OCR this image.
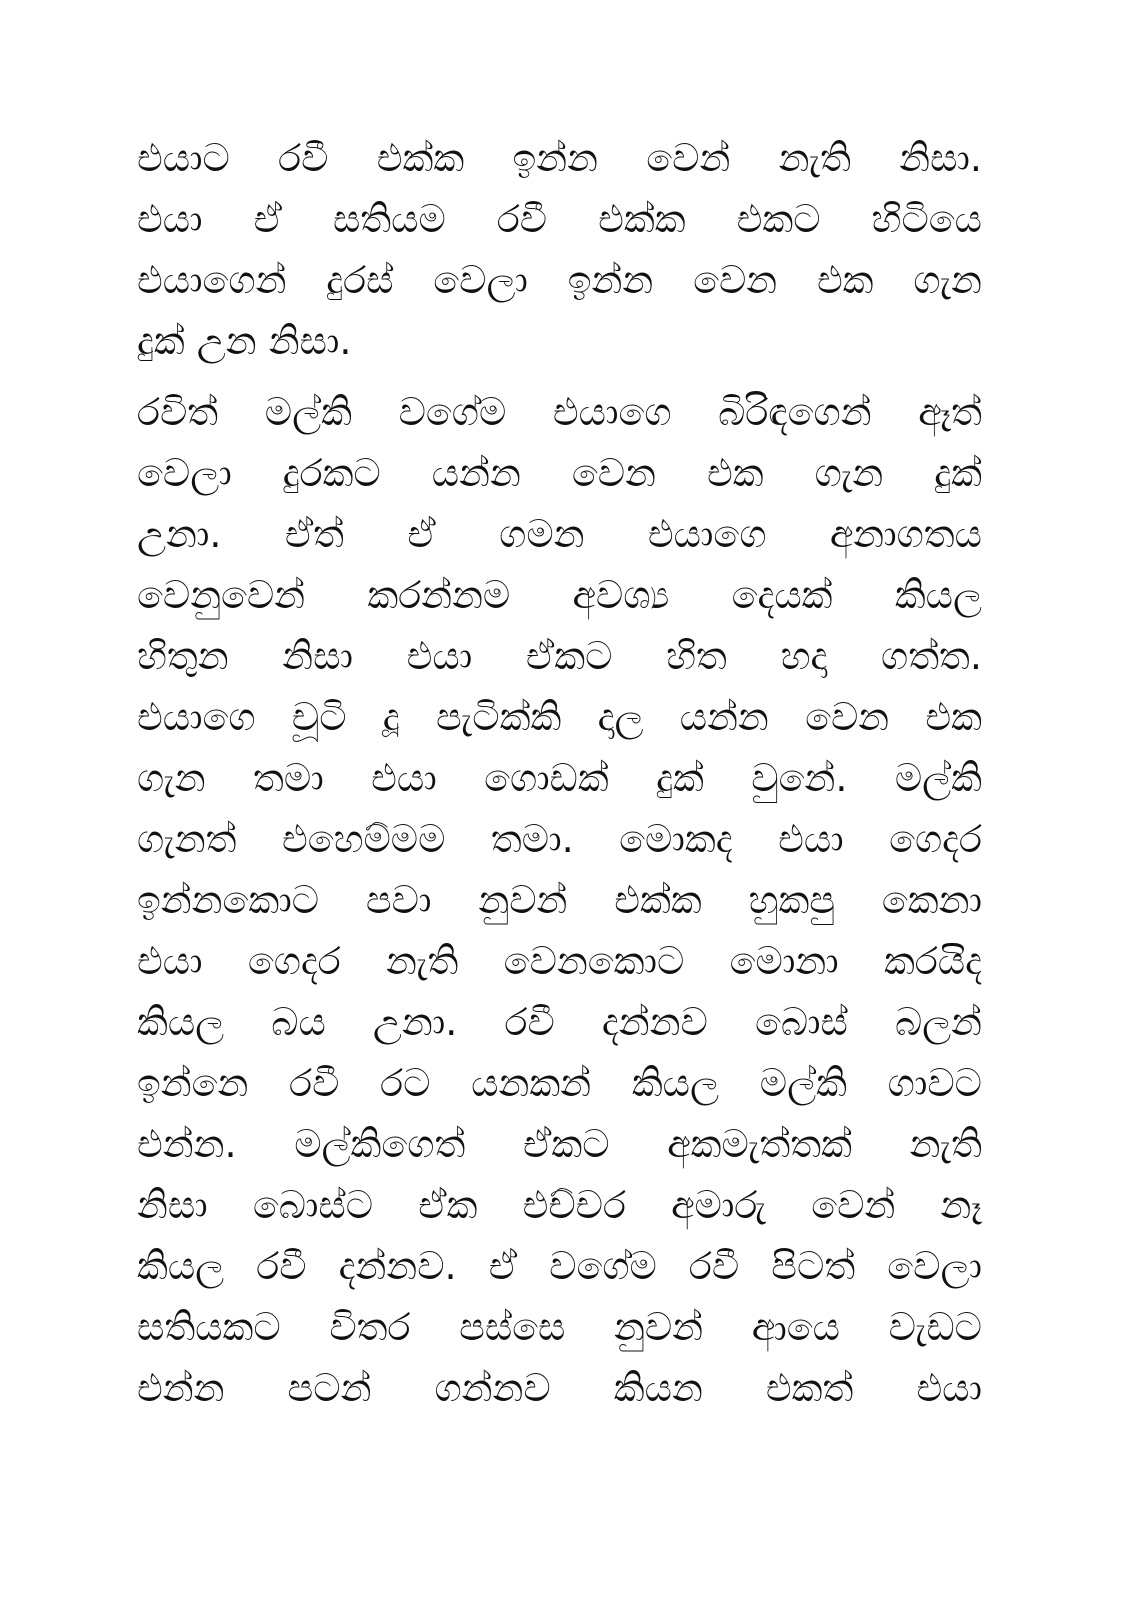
එයාට රවී එක්ක ඉන්න වෙන් නැති නිසා.
එයා ඒ සතියම රවී එක්ක එකට හිටියෙ
එයාගෙන් දුරස් වෙලා ඉන්න වෙන එක ගැන
දුක් උන නිසා.

රවිත් මල්කි වගේම එයාගෙ බිරිඳගෙන් ඈත්
වෙලා දුරකට යන්න වෙන එක ගැන දුක්
උනා. ඒත් ඒ ගමන එයාගෙ අනාගතය
වෙනුවෙන් කරන්නම අවශ්‍ය දෙයක් කියල
හිතුන නිසා එයා ඒකට හිත හදා ගත්ත.
එයාගෙ චූටි දූ පැටික්කි දාල යන්න වෙන එක
ගැන තමා එයා ගොඩක් දුක් වුනේ. මල්කි
ගැනත් එහෙම්මම තමා. මොකද එයා ගෙදර
ඉන්නකොට පවා නුවන් එක්ක හුකපු කෙනා
එයා ගෙදර නැති වෙනකොට මොනා කරයිද
කියල බය උනා. රවී දන්නව බොස් බලන්
ඉන්නෙ රවී රට යනකන් කියල මල්කි ගාවට
එන්න. මල්කිගෙත් ඒකට අකමැත්තක් නැති
නිසා බොස්ට ඒක එච්චර අමාරු වෙන් නෑ
කියල රවී දන්නව. ඒ වගේම රවී පිටත් වෙලා
සතියකට විතර පස්සෙ නුවන් ආයෙ වැඩට
එන්න පටන් ගන්නව කියන එකත් එයා
